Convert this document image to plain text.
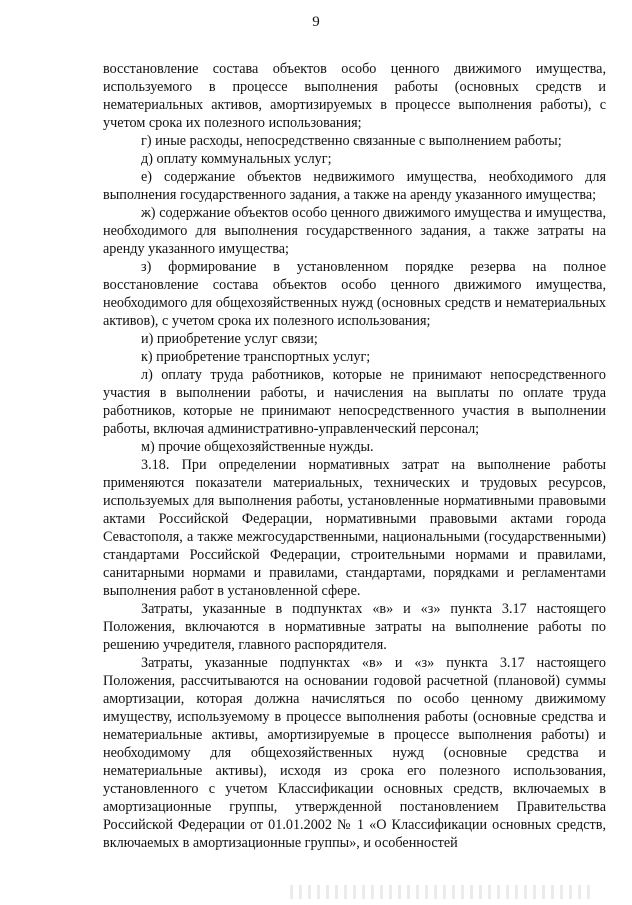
9

восстановление состава объектов особо ценного движимого имущества, используемого в процессе выполнения работы (основных средств и нематериальных активов, амортизируемых в процессе выполнения работы), с учетом срока их полезного использования;

г) иные расходы, непосредственно связанные с выполнением работы;

д) оплату коммунальных услуг;

е) содержание объектов недвижимого имущества, необходимого для выполнения государственного задания, а также на аренду указанного имущества;

ж) содержание объектов особо ценного движимого имущества и имущества, необходимого для выполнения государственного задания, а также затраты на аренду указанного имущества;

з) формирование в установленном порядке резерва на полное восстановление состава объектов особо ценного движимого имущества, необходимого для общехозяйственных нужд (основных средств и нематериальных активов), с учетом срока их полезного использования;

и) приобретение услуг связи;

к) приобретение транспортных услуг;

л) оплату труда работников, которые не принимают непосредственного участия в выполнении работы, и начисления на выплаты по оплате труда работников, которые не принимают непосредственного участия в выполнении работы, включая административно-управленческий персонал;

м) прочие общехозяйственные нужды.

3.18. При определении нормативных затрат на выполнение работы применяются показатели материальных, технических и трудовых ресурсов, используемых для выполнения работы, установленные нормативными правовыми актами Российской Федерации, нормативными правовыми актами города Севастополя, а также межгосударственными, национальными (государственными) стандартами Российской Федерации, строительными нормами и правилами, санитарными нормами и правилами, стандартами, порядками и регламентами выполнения работ в установленной сфере.

Затраты, указанные в подпунктах «в» и «з» пункта 3.17 настоящего Положения, включаются в нормативные затраты на выполнение работы по решению учредителя, главного распорядителя.

Затраты, указанные подпунктах «в» и «з» пункта 3.17 настоящего Положения, рассчитываются на основании годовой расчетной (плановой) суммы амортизации, которая должна начисляться по особо ценному движимому имуществу, используемому в процессе выполнения работы (основные средства и нематериальные активы, амортизируемые в процессе выполнения работы) и необходимому для общехозяйственных нужд (основные средства и нематериальные активы), исходя из срока его полезного использования, установленного с учетом Классификации основных средств, включаемых в амортизационные группы, утвержденной постановлением Правительства Российской Федерации от 01.01.2002 № 1 «О Классификации основных средств, включаемых в амортизационные группы», и особенностей
